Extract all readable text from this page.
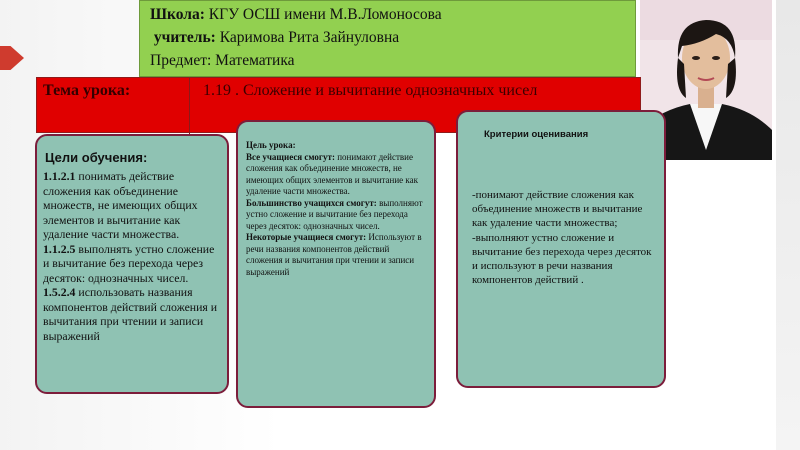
Школа: КГУ ОСШ имени М.В.Ломоносова
учитель: Каримова Рита Зайнуловна
Предмет: Математика
Тема урока:	1.19 . Сложение и вычитание однозначных чисел
Цели обучения:

1.1.2.1 понимать действие сложения как объединение множеств, не имеющих общих элементов и вычитание как удаление части множества.

1.1.2.5 выполнять устно сложение и вычитание без перехода через десяток: однозначных чисел.

1.5.2.4 использовать названия компонентов действий сложения и вычитания при чтении и записи выражений

Цель урока:
Все учащиеся смогут: понимают действие сложения как объединение множеств, не имеющих общих элементов и вычитание как удаление части множества.
Большинство учащихся смогут: выполняют устно сложение и вычитание без перехода через десяток: однозначных чисел.
Некоторые учащиеся смогут: Используют в речи названия компонентов действий сложения и вычитания при чтении и записи выражений
Критерии оценивания
-понимают действие сложения как объединение множеств и вычитание как удаление части множества;
-выполняют устно сложение и вычитание без перехода через десяток и используют в речи названия компонентов действий .
